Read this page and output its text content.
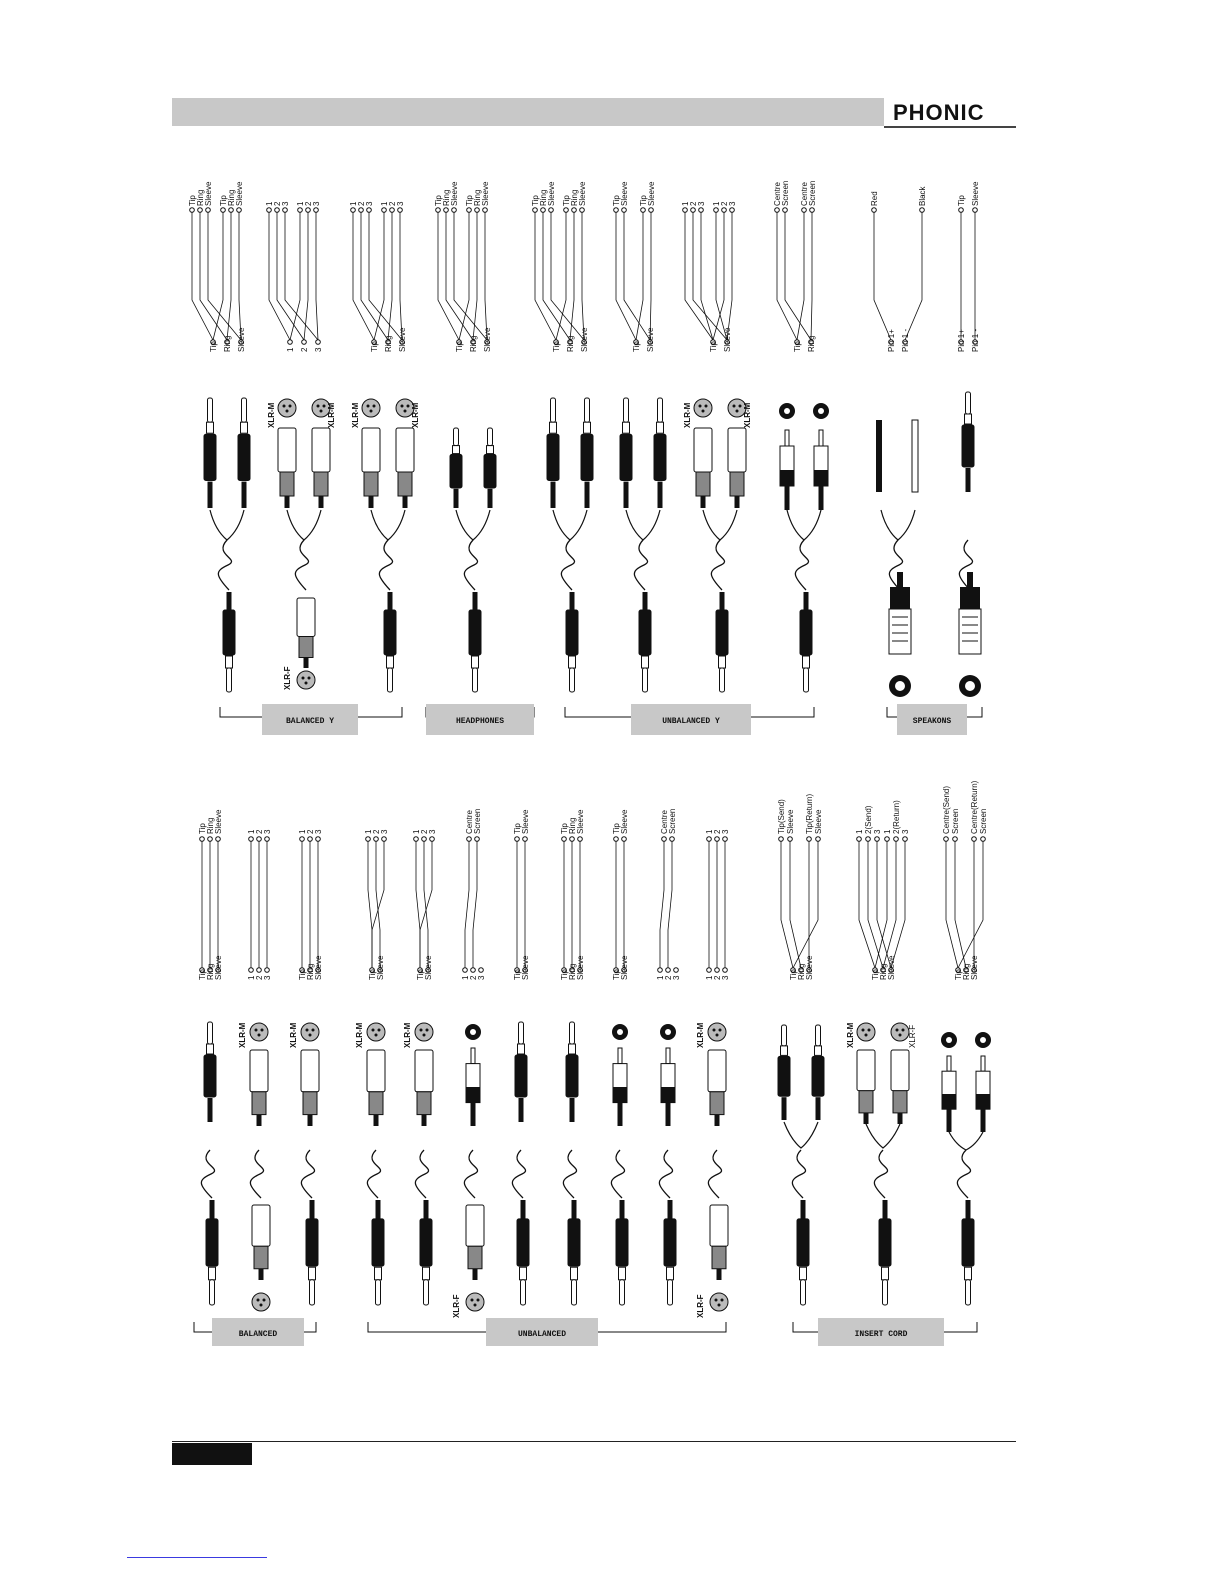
PHONIC
Tip Ring Sleeve Tip Ring Sleeve
Tip Ring Sleeve
1 2 3 1 2 3
1 2 3
XLR-M	XLR-M
XLR-F
1 2 3 1 2 3
Tip Ring Sleeve
XLR-M	XLR-M
Tip Ring Sleeve Tip Ring Sleeve
Tip Ring Sleeve
Tip Ring Sleeve Tip Ring Sleeve
Tip Ring Sleeve
Tip Sleeve Tip Sleeve
Tip Sleeve
1 2 3 1 2 3
Tip Sleeve
XLR-M	XLR-M
Centre Screen Centre Screen
Tip Ring
Red	Black
Pin 1+ Pin 1 -
Tip Sleeve
Pin 1+ Pin 1 -
BALANCED Y	HEADPHONES	UNBALANCED Y	SPEAKONS
Tip Ring Sleeve
Tip Ring Sleeve
1 2 3
1 2 3
XLR-M
1 2 3
Tip Ring Sleeve
XLR-M
1 2 3
Tip Sleeve
XLR-M
1 2 3
Tip Sleeve
XLR-M
Centre Screen
1 2 3
XLR-F
Tip Sleeve
Tip Sleeve
Tip Ring Sleeve
Tip Ring Sleeve
Tip Sleeve
Tip Sleeve
Centre Screen
1 2 3
1 2 3
1 2 3
XLR-M
XLR-F
Tip(Send) Sleeve Tip(Return) Sleeve
Tip Ring Sleeve
1 2(Send) 3 1 2(Return) 3
Tip Ring Sleeve
XLR-M	XLR-F
Centre(Send) Screen Centre(Return) Screen
Tip Ring Sleeve
BALANCED	UNBALANCED	INSERT CORD
